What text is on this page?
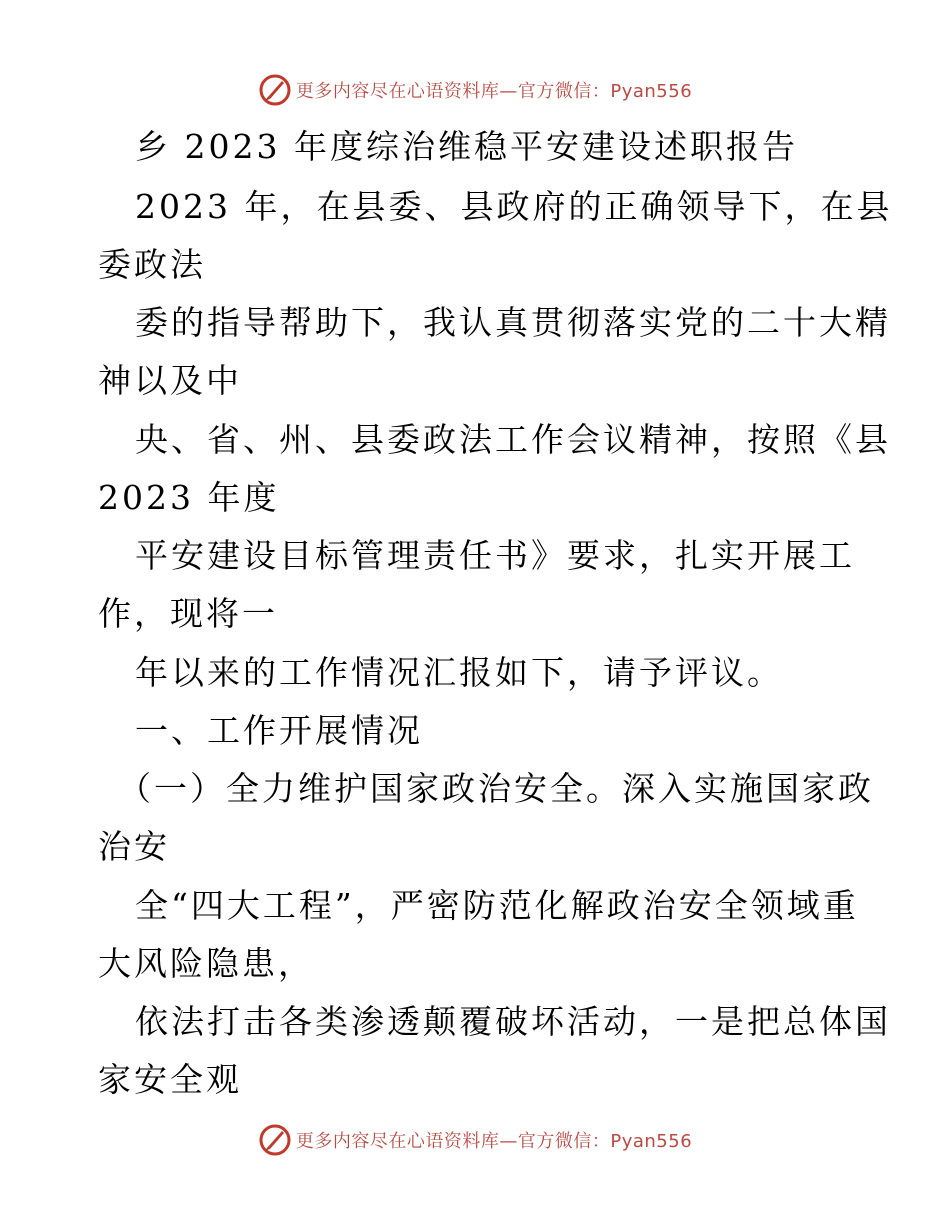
更多内容尽在心语资料库—官方微信：Pyan556
乡 2023 年度综治维稳平安建设述职报告
2023 年，在县委、县政府的正确领导下，在县
委政法
委的指导帮助下，我认真贯彻落实党的二十大精
神以及中
央、省、州、县委政法工作会议精神，按照《县
2023 年度
平安建设目标管理责任书》要求，扎实开展工
作，现将一
年以来的工作情况汇报如下，请予评议。
一、工作开展情况
（一）全力维护国家政治安全。深入实施国家政
治安
全“四大工程”，严密防范化解政治安全领域重
大风险隐患，
依法打击各类渗透颠覆破坏活动，一是把总体国
家安全观
更多内容尽在心语资料库—官方微信：Pyan556
